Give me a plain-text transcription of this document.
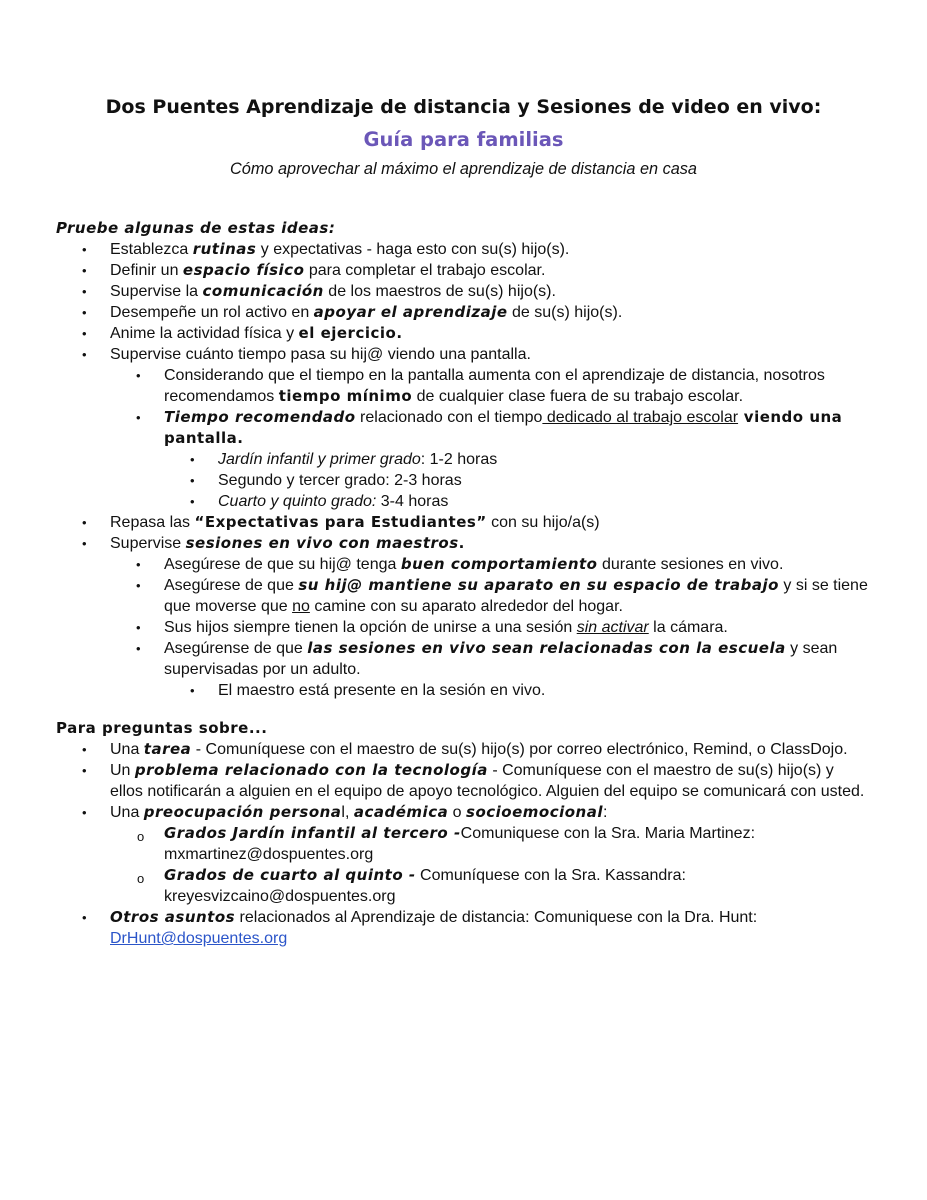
Dos Puentes Aprendizaje de distancia y Sesiones de video en vivo:
Guía para familias
Cómo aprovechar al máximo el aprendizaje de distancia en casa
Pruebe algunas de estas ideas:
• Establezca rutinas y expectativas - haga esto con su(s) hijo(s).
• Definir un espacio físico para completar el trabajo escolar.
• Supervise la comunicación de los maestros de su(s) hijo(s).
• Desempeñe un rol activo en apoyar el aprendizaje de su(s) hijo(s).
• Anime la actividad física y el ejercicio.
• Supervise cuánto tiempo pasa su hij@ viendo una pantalla.
• Considerando que el tiempo en la pantalla aumenta con el aprendizaje de distancia, nosotros recomendamos tiempo mínimo de cualquier clase fuera de su trabajo escolar.
• Tiempo recomendado relacionado con el tiempo dedicado al trabajo escolar viendo una pantalla.
• Jardín infantil y primer grado: 1-2 horas
• Segundo y tercer grado: 2-3 horas
• Cuarto y quinto grado: 3-4 horas
• Repasa las “Expectativas para Estudiantes” con su hijo/a(s)
• Supervise sesiones en vivo con maestros.
• Asegúrese de que su hij@ tenga buen comportamiento durante sesiones en vivo.
• Asegúrese de que su hij@ mantiene su aparato en su espacio de trabajo y si se tiene que moverse que no camine con su aparato alrededor del hogar.
• Sus hijos siempre tienen la opción de unirse a una sesión sin activar la cámara.
• Asegúrense de que las sesiones en vivo sean relacionadas con la escuela y sean supervisadas por un adulto.
• El maestro está presente en la sesión en vivo.
Para preguntas sobre...
• Una tarea - Comuníquese con el maestro de su(s) hijo(s) por correo electrónico, Remind, o ClassDojo.
• Un problema relacionado con la tecnología - Comuníquese con el maestro de su(s) hijo(s) y ellos notificarán a alguien en el equipo de apoyo tecnológico. Alguien del equipo se comunicará con usted.
• Una preocupación personal, académica o socioemocional:
o Grados Jardín infantil al tercero -Comuniquese con la Sra. Maria Martinez: mxmartinez@dospuentes.org
o Grados de cuarto al quinto - Comuníquese con la Sra. Kassandra: kreyesvizcaino@dospuentes.org
• Otros asuntos relacionados al Aprendizaje de distancia: Comuniquese con la Dra. Hunt: DrHunt@dospuentes.org
